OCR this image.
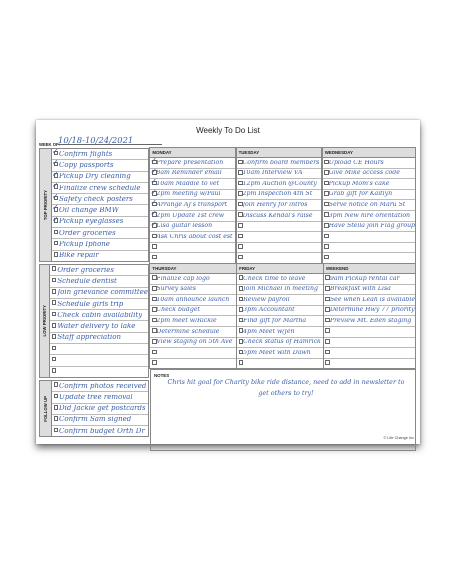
Weekly To Do List
WEEK OF:
10/18-10/24/2021
TOP PRIORITY
✓ Confirm flights
✓ Copy passports
✓ Pickup Dry cleaning
✓ Finalize crew schedule
✓ Safety check posters
✓ Oil change BMW
✓ Pickup eyeglasses
Order groceries
Pickup Iphone
Bike repair
LOW PRIORITY
Order groceries
Schedule dentist
Join grievance committee
Schedule girls trip
Check cabin availability
Water delivery to lake
Staff appreciation
FOLLOW UP
Confirm photos received
Update tree removal
Did Jackie get postcards
Confirm Sam signed
Confirm budget Orth Dr
MONDAY
✓ Prepare presentation
✓ 8am Reminder email
✓ 10am Maddie to vet
✓ 2pm meeting w/Paul
✓ Arrange AJ's transport
✓ 2pm Update 1st crew
✓ Lisa guitar lesson
Ask Chris about cost est
TUESDAY
Confirm board members
10am Interview VA
12pm Auction @County
2pm Inspection 4th St
Join Henry for intros
Discuss Kendal's raise
WEDNESDAY
Upload CE Hours
Give Mike access code
Pickup Mom's cake
Grab gift for Kaitlyn
Serve notice on Maru St
3pm New hire orientation
Have Stella join Flag group
THURSDAY
Finalize cap logo
Survey sales
10am announce launch
Check budget
2pm meet w/Rickie
Determine schedule
View staging on 5th Ave
FRIDAY
Check time to leave
Join Michael in meeting
Review payroll
3pm Accountant
Find gift for Martha
4pm Meet w/Jen
Check status of Hamrick
5pm Meet with Dawn
WEEKEND
9am Pickup rental car
Breakfast with Lisa
See when Leah is available
Determine Hwy 77 priority
Preview Mt. Eden staging
NOTES
Chris hit goal for Charity bike ride distance, need to add in newsletter to get others to try!
© Life Change Inc
